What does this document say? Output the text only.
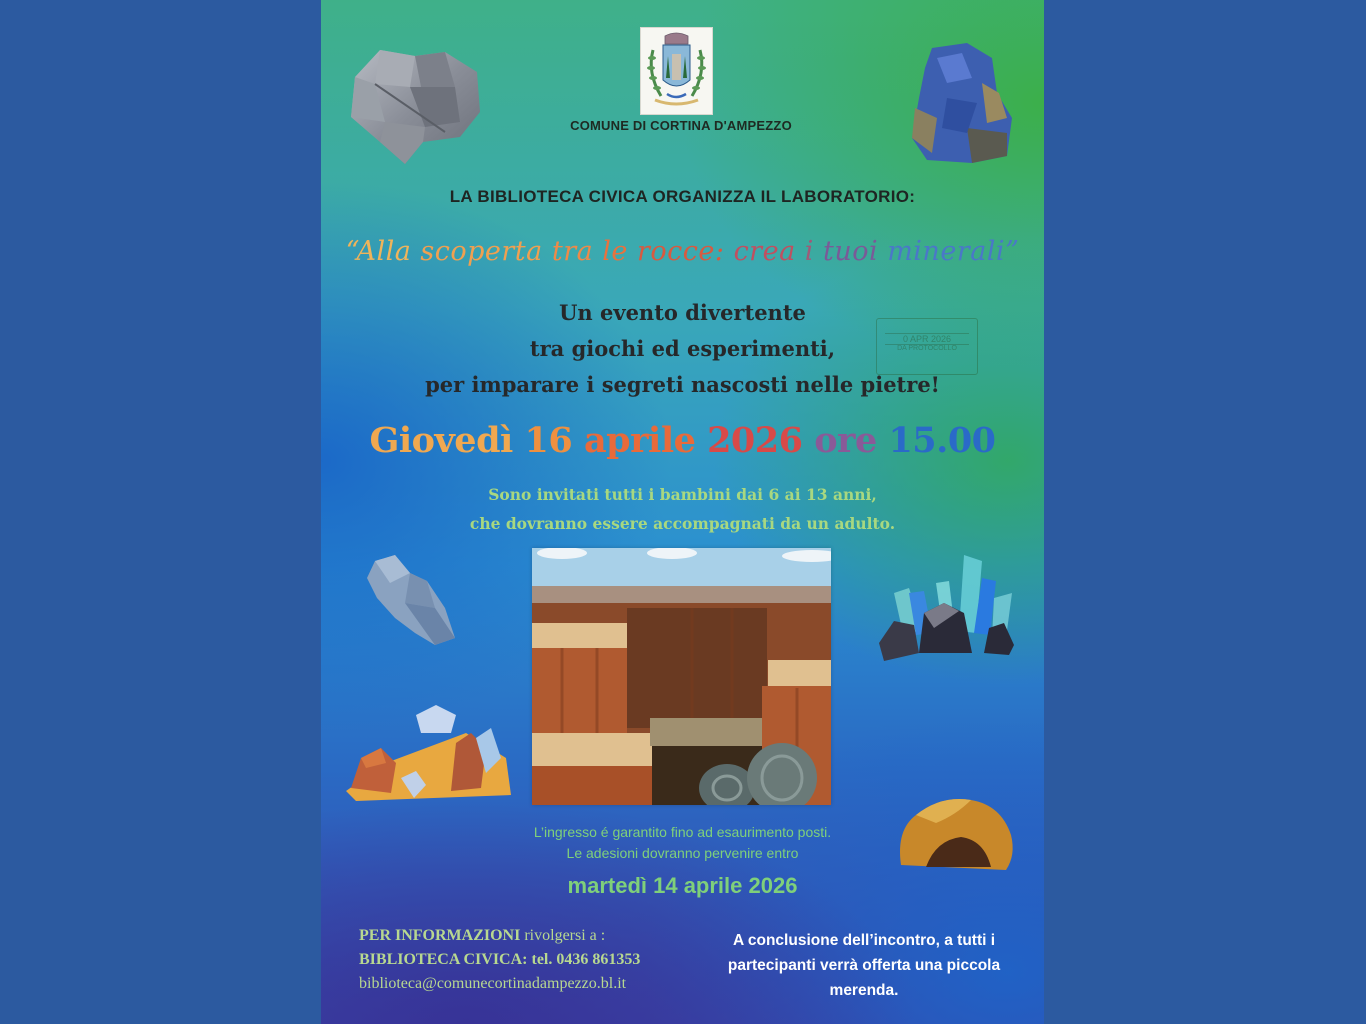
COMUNE DI CORTINA D'AMPEZZO
LA BIBLIOTECA CIVICA ORGANIZZA IL LABORATORIO:
“Alla scoperta tra le rocce: crea i tuoi minerali”
Un evento divertente
tra giochi ed esperimenti,
per imparare i segreti nascosti nelle pietre!
0 APR 2026
DA PROTOCOLLO
Giovedì 16 aprile 2026 ore 15.00
Sono invitati tutti i bambini dai 6 ai 13 anni,
che dovranno essere accompagnati da un adulto.
L’ingresso é garantito fino ad esaurimento posti.
Le adesioni dovranno pervenire entro
martedì 14 aprile 2026
PER INFORMAZIONI rivolgersi a :
BIBLIOTECA CIVICA: tel. 0436 861353
biblioteca@comunecortinadampezzo.bl.it
A conclusione dell’incontro, a tutti i
partecipanti verrà offerta una piccola
merenda.
